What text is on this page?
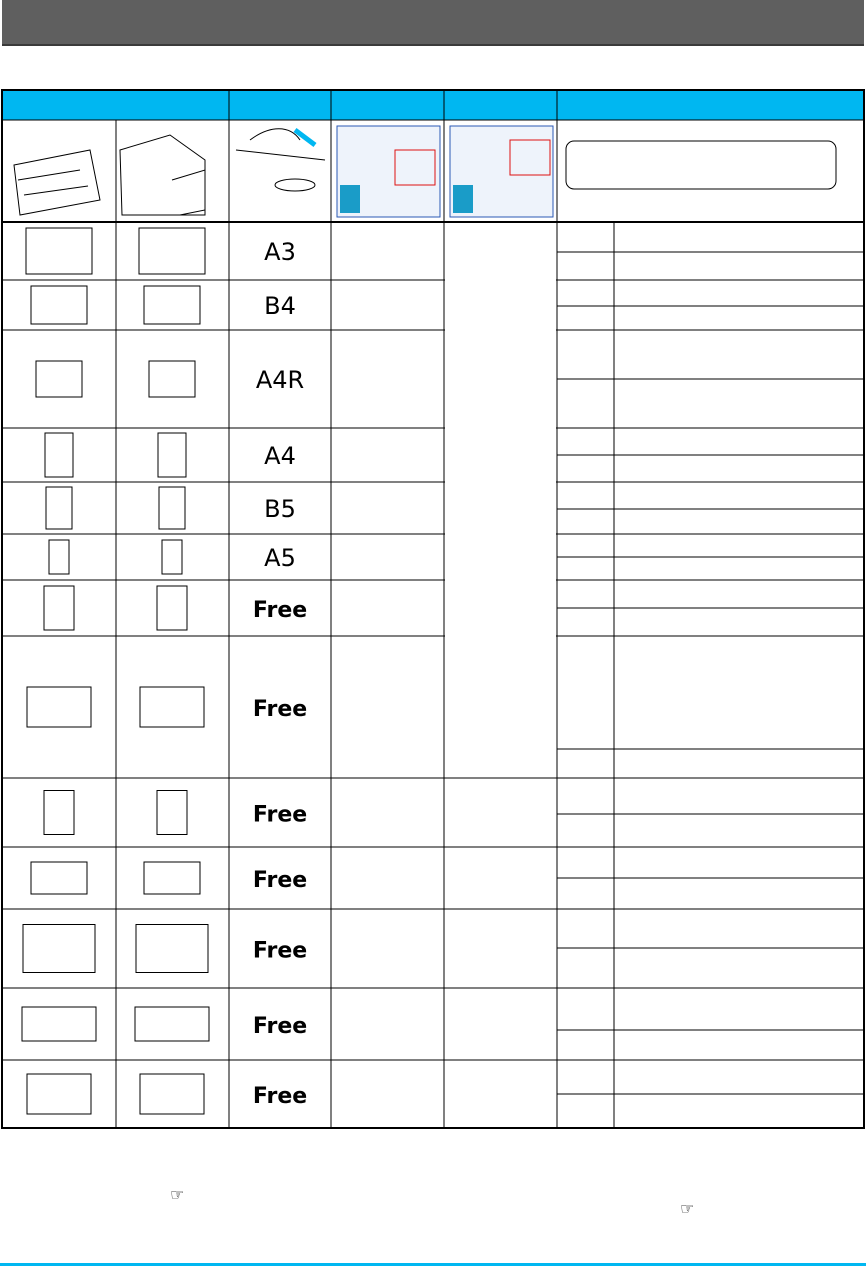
A3
B4
A4R
A4
B5
A5
Free
Free
Free
Free
Free
Free
Free
☞
☞
